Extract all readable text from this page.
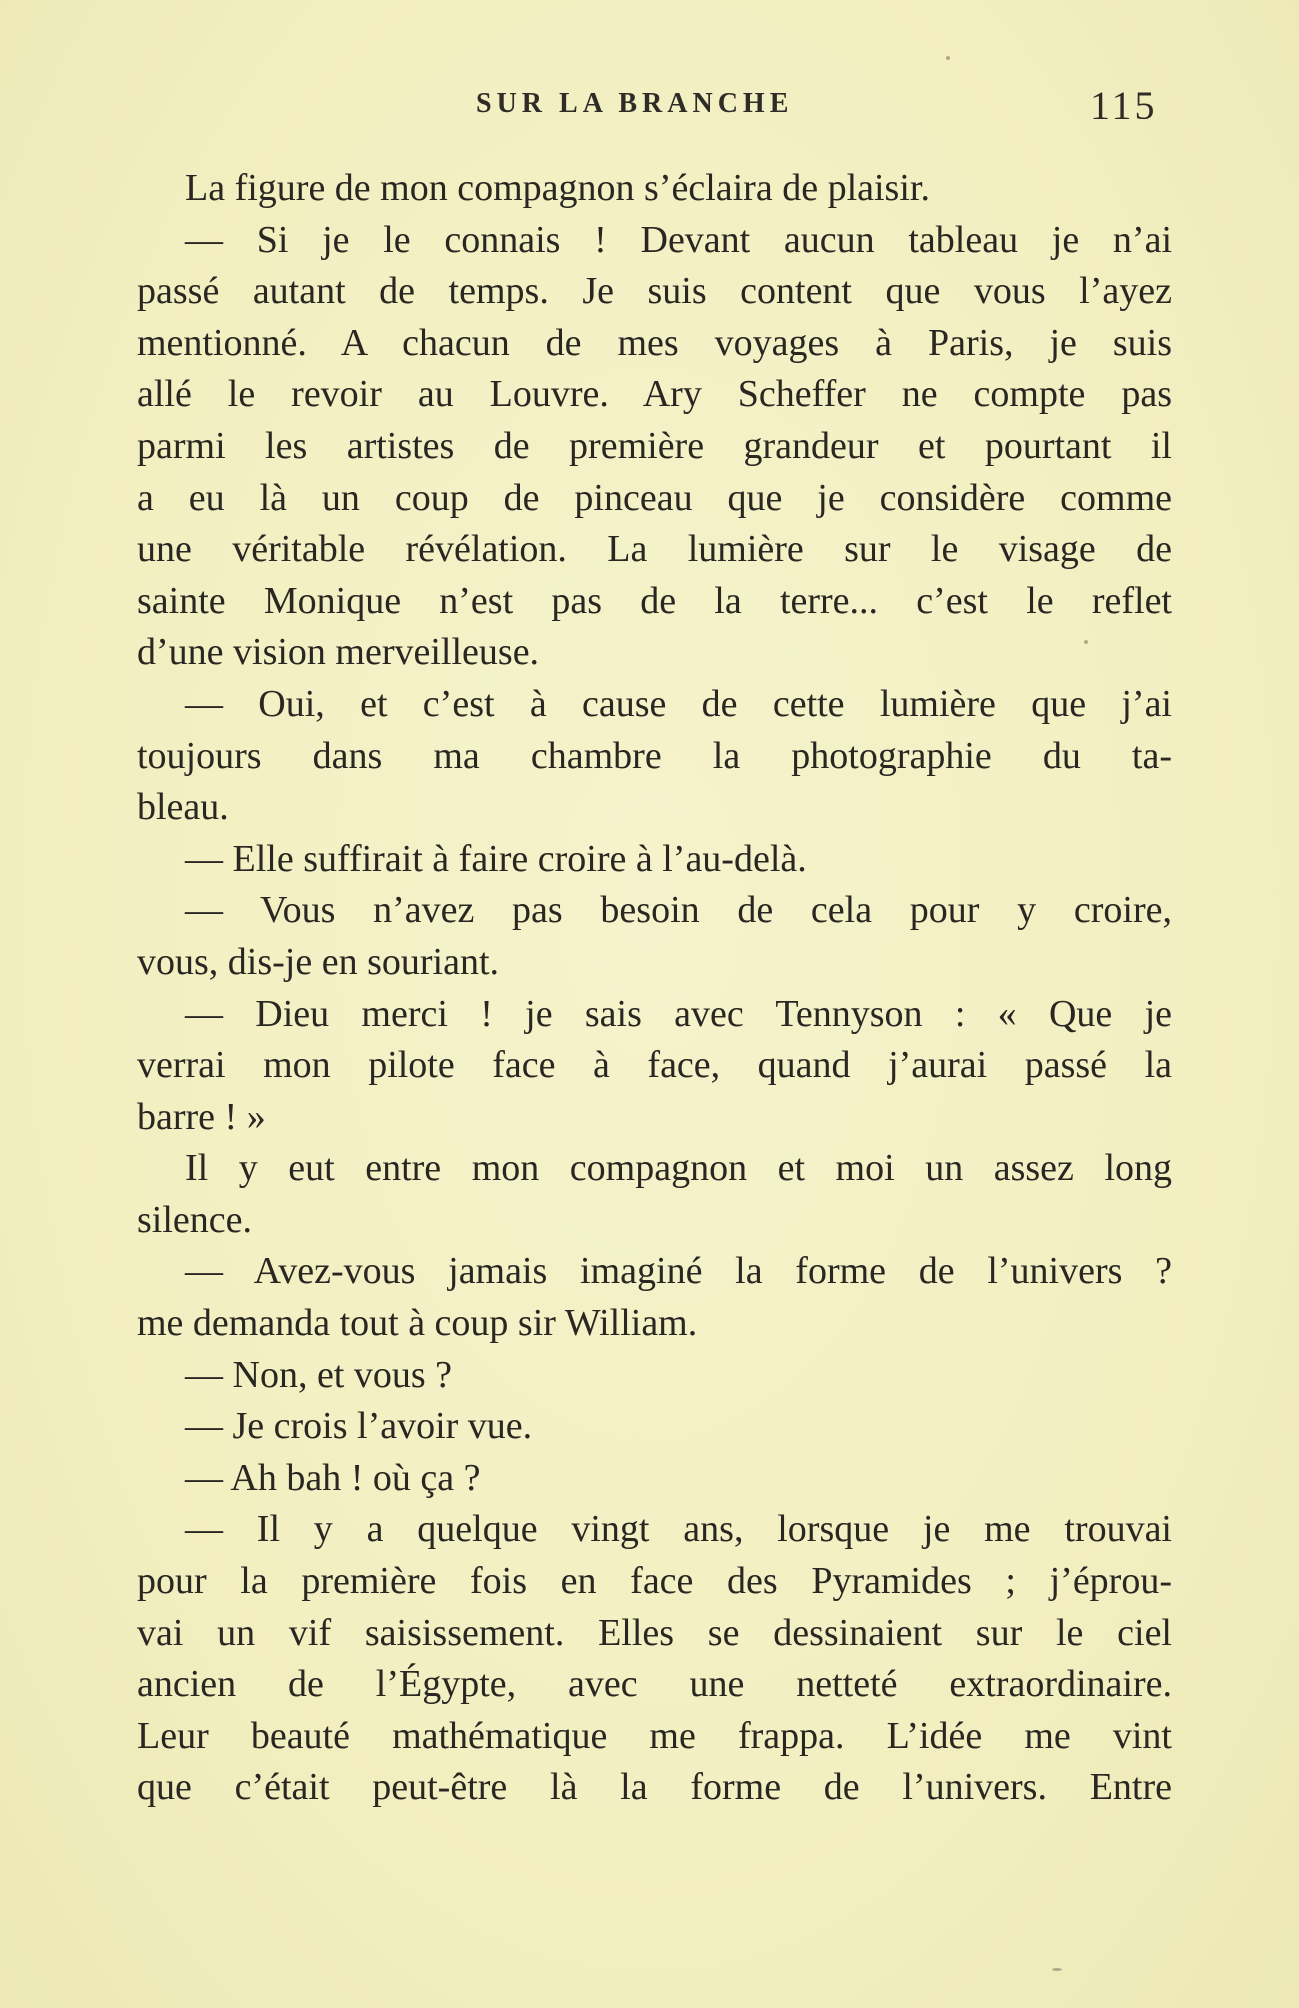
SUR LA BRANCHE	115
La figure de mon compagnon s’éclaira de plaisir.
— Si je le connais ! Devant aucun tableau je n’ai
passé autant de temps. Je suis content que vous l’ayez
mentionné. A chacun de mes voyages à Paris, je suis
allé le revoir au Louvre. Ary Scheffer ne compte pas
parmi les artistes de première grandeur et pourtant il
a eu là un coup de pinceau que je considère comme
une véritable révélation. La lumière sur le visage de
sainte Monique n’est pas de la terre... c’est le reflet
d’une vision merveilleuse.
— Oui, et c’est à cause de cette lumière que j’ai
toujours dans ma chambre la photographie du ta-
bleau.
— Elle suffirait à faire croire à l’au-delà.
— Vous n’avez pas besoin de cela pour y croire,
vous, dis-je en souriant.
— Dieu merci ! je sais avec Tennyson : « Que je
verrai mon pilote face à face, quand j’aurai passé la
barre ! »
Il y eut entre mon compagnon et moi un assez long
silence.
— Avez-vous jamais imaginé la forme de l’univers ?
me demanda tout à coup sir William.
— Non, et vous ?
— Je crois l’avoir vue.
— Ah bah ! où ça ?
— Il y a quelque vingt ans, lorsque je me trouvai
pour la première fois en face des Pyramides ; j’éprou-
vai un vif saisissement. Elles se dessinaient sur le ciel
ancien de l’Égypte, avec une netteté extraordinaire.
Leur beauté mathématique me frappa. L’idée me vint
que c’était peut-être là la forme de l’univers. Entre
